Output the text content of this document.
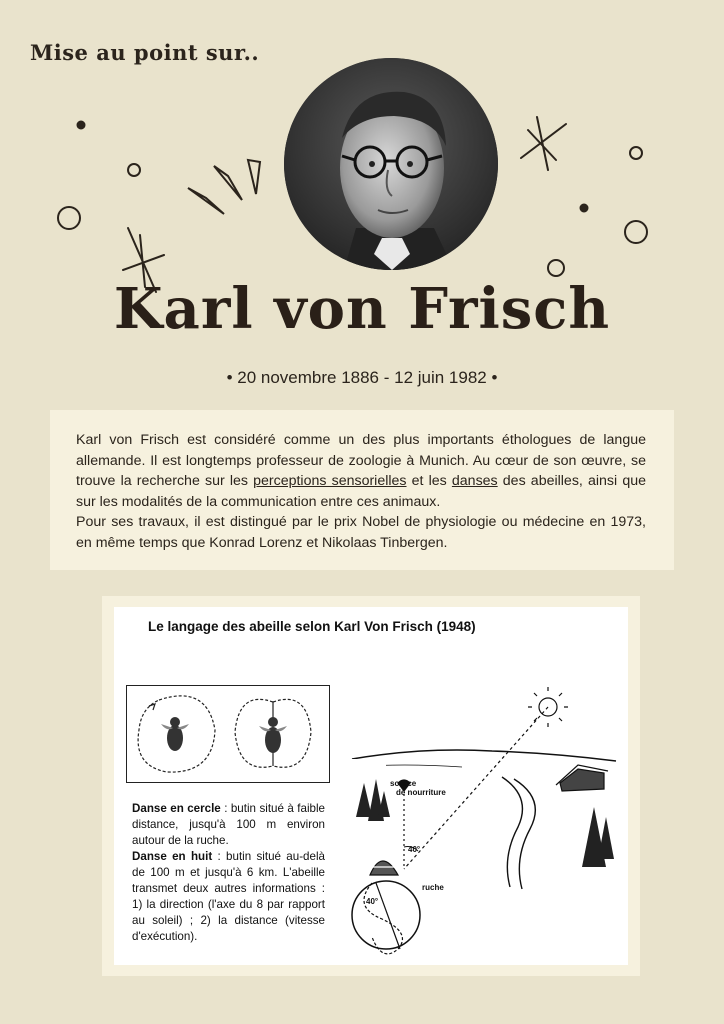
Mise au point sur..
Karl von Frisch
• 20 novembre 1886 - 12 juin 1982 •
Karl von Frisch est considéré comme un des plus importants éthologues de langue allemande. Il est longtemps professeur de zoologie à Munich. Au cœur de son œuvre, se trouve la recherche sur les perceptions sensorielles et les danses des abeilles, ainsi que sur les modalités de la communication entre ces animaux.
Pour ses travaux, il est distingué par le prix Nobel de physiologie ou médecine en 1973, en même temps que Konrad Lorenz et Nikolaas Tinbergen.
Le langage des abeille selon Karl Von Frisch (1948)
Danse en cercle : butin situé à faible distance, jusqu'à 100 m environ autour de la ruche.
Danse en huit : butin situé au-delà de 100 m et jusqu'à 6 km. L'abeille transmet deux autres informations : 1) la direction (l'axe du 8 par rapport au soleil) ; 2) la distance (vitesse d'exécution).
source
de nourriture
40°
ruche
40°
